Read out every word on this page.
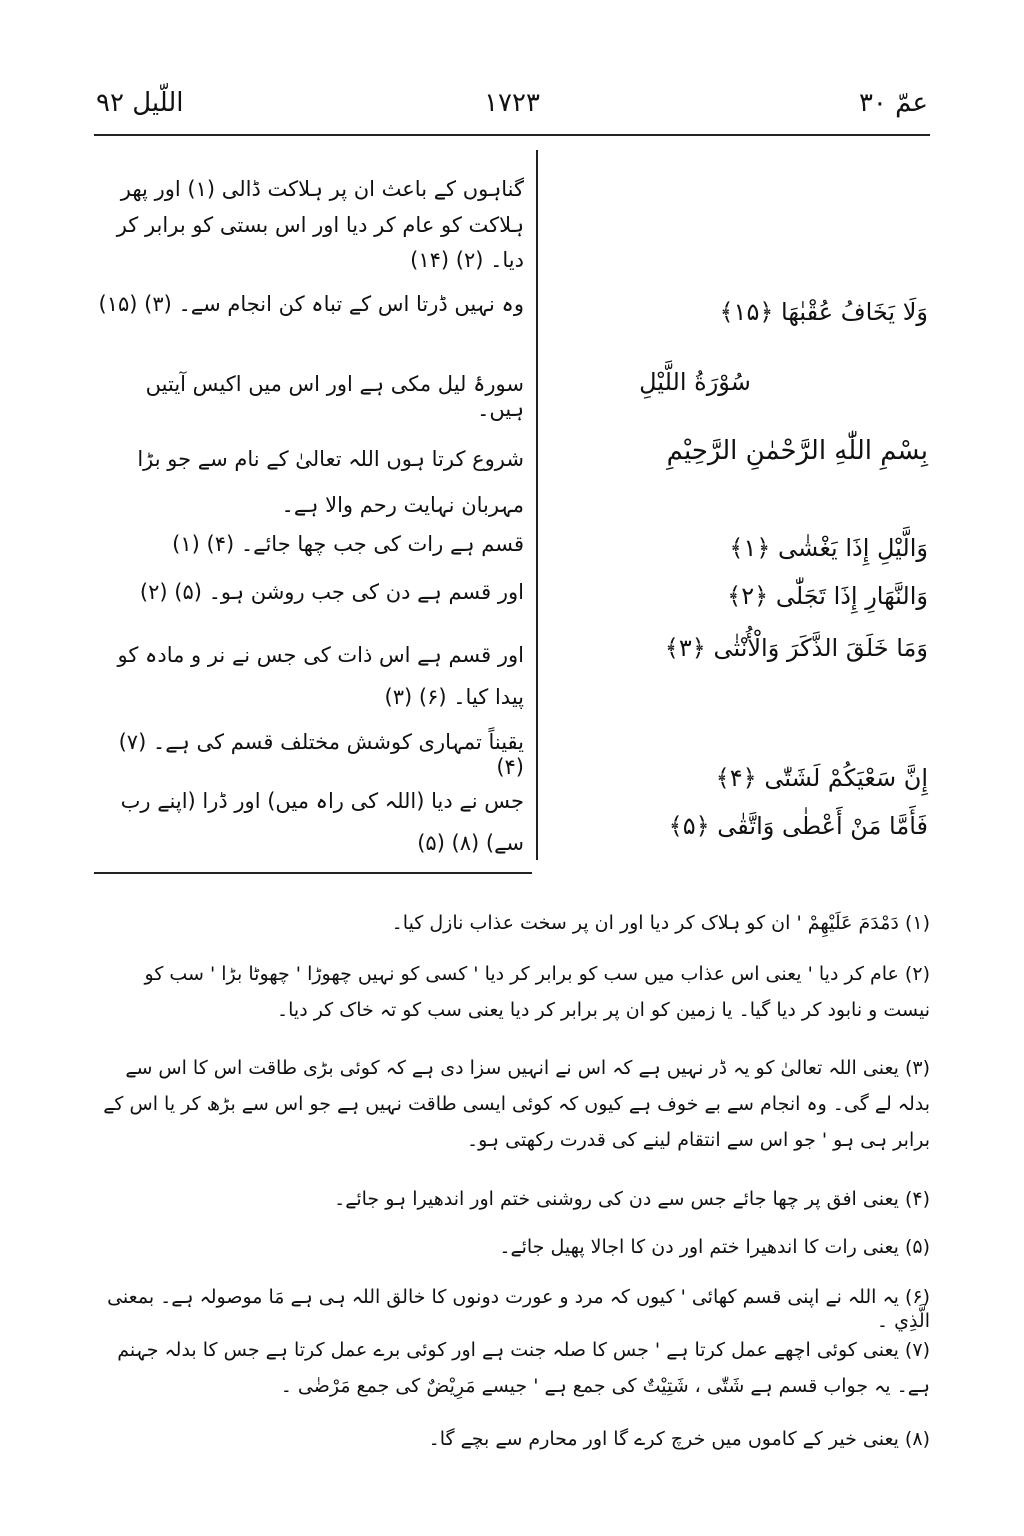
عمّ ۳۰
۱۷۲۳
اللّیل ۹۲
وَلَا يَخَافُ عُقْبٰهَا ﴿۱۵﴾
سُوْرَةُ اللَّيْلِ
بِسْمِ اللّٰهِ الرَّحْمٰنِ الرَّحِيْمِ
وَالَّيْلِ إِذَا يَغْشٰى ﴿۱﴾
وَالنَّهَارِ إِذَا تَجَلّٰى ﴿۲﴾
وَمَا خَلَقَ الذَّكَرَ وَالْأُنْثٰى ﴿۳﴾
إِنَّ سَعْيَكُمْ لَشَتّٰى ﴿۴﴾
فَأَمَّا مَنْ أَعْطٰى وَاتَّقٰى ﴿۵﴾
گناہوں کے باعث ان پر ہلاکت ڈالی (۱) اور پھر ہلاکت کو عام کر دیا اور اس بستی کو برابر کر دیا۔ (۲) (۱۴)
وہ نہیں ڈرتا اس کے تباہ کن انجام سے۔ (۳) (۱۵)
سورۂ لیل مکی ہے اور اس میں اکیس آیتیں ہیں۔
شروع کرتا ہوں اللہ تعالیٰ کے نام سے جو بڑا مہربان نہایت رحم والا ہے۔
قسم ہے رات کی جب چھا جائے۔ (۴) (۱)
اور قسم ہے دن کی جب روشن ہو۔ (۵) (۲)
اور قسم ہے اس ذات کی جس نے نر و مادہ کو پیدا کیا۔ (۶) (۳)
یقیناً تمہاری کوشش مختلف قسم کی ہے۔ (۷) (۴)
جس نے دیا (اللہ کی راہ میں) اور ڈرا (اپنے رب سے) (۸) (۵)
(۱) دَمْدَمَ عَلَيْهِمْ ' ان کو ہلاک کر دیا اور ان پر سخت عذاب نازل کیا۔
(۲) عام کر دیا ' یعنی اس عذاب میں سب کو برابر کر دیا ' کسی کو نہیں چھوڑا ' چھوٹا بڑا ' سب کو نیست و نابود کر دیا گیا۔ یا زمین کو ان پر برابر کر دیا یعنی سب کو تہ خاک کر دیا۔
(۳) یعنی اللہ تعالیٰ کو یہ ڈر نہیں ہے کہ اس نے انہیں سزا دی ہے کہ کوئی بڑی طاقت اس کا اس سے بدلہ لے گی۔ وہ انجام سے بے خوف ہے کیوں کہ کوئی ایسی طاقت نہیں ہے جو اس سے بڑھ کر یا اس کے برابر ہی ہو ' جو اس سے انتقام لینے کی قدرت رکھتی ہو۔
(۴) یعنی افق پر چھا جائے جس سے دن کی روشنی ختم اور اندھیرا ہو جائے۔
(۵) یعنی رات کا اندھیرا ختم اور دن کا اجالا پھیل جائے۔
(۶) یہ اللہ نے اپنی قسم کھائی ' کیوں کہ مرد و عورت دونوں کا خالق اللہ ہی ہے مَا موصولہ ہے۔ بمعنی الَّذِي ۔
(۷) یعنی کوئی اچھے عمل کرتا ہے ' جس کا صلہ جنت ہے اور کوئی برے عمل کرتا ہے جس کا بدلہ جہنم ہے۔ یہ جواب قسم ہے شَتّٰى ، شَتِيْتٌ کی جمع ہے ' جیسے مَرِيْضٌ کی جمع مَرْضٰى ۔
(۸) یعنی خیر کے کاموں میں خرچ کرے گا اور محارم سے بچے گا۔
